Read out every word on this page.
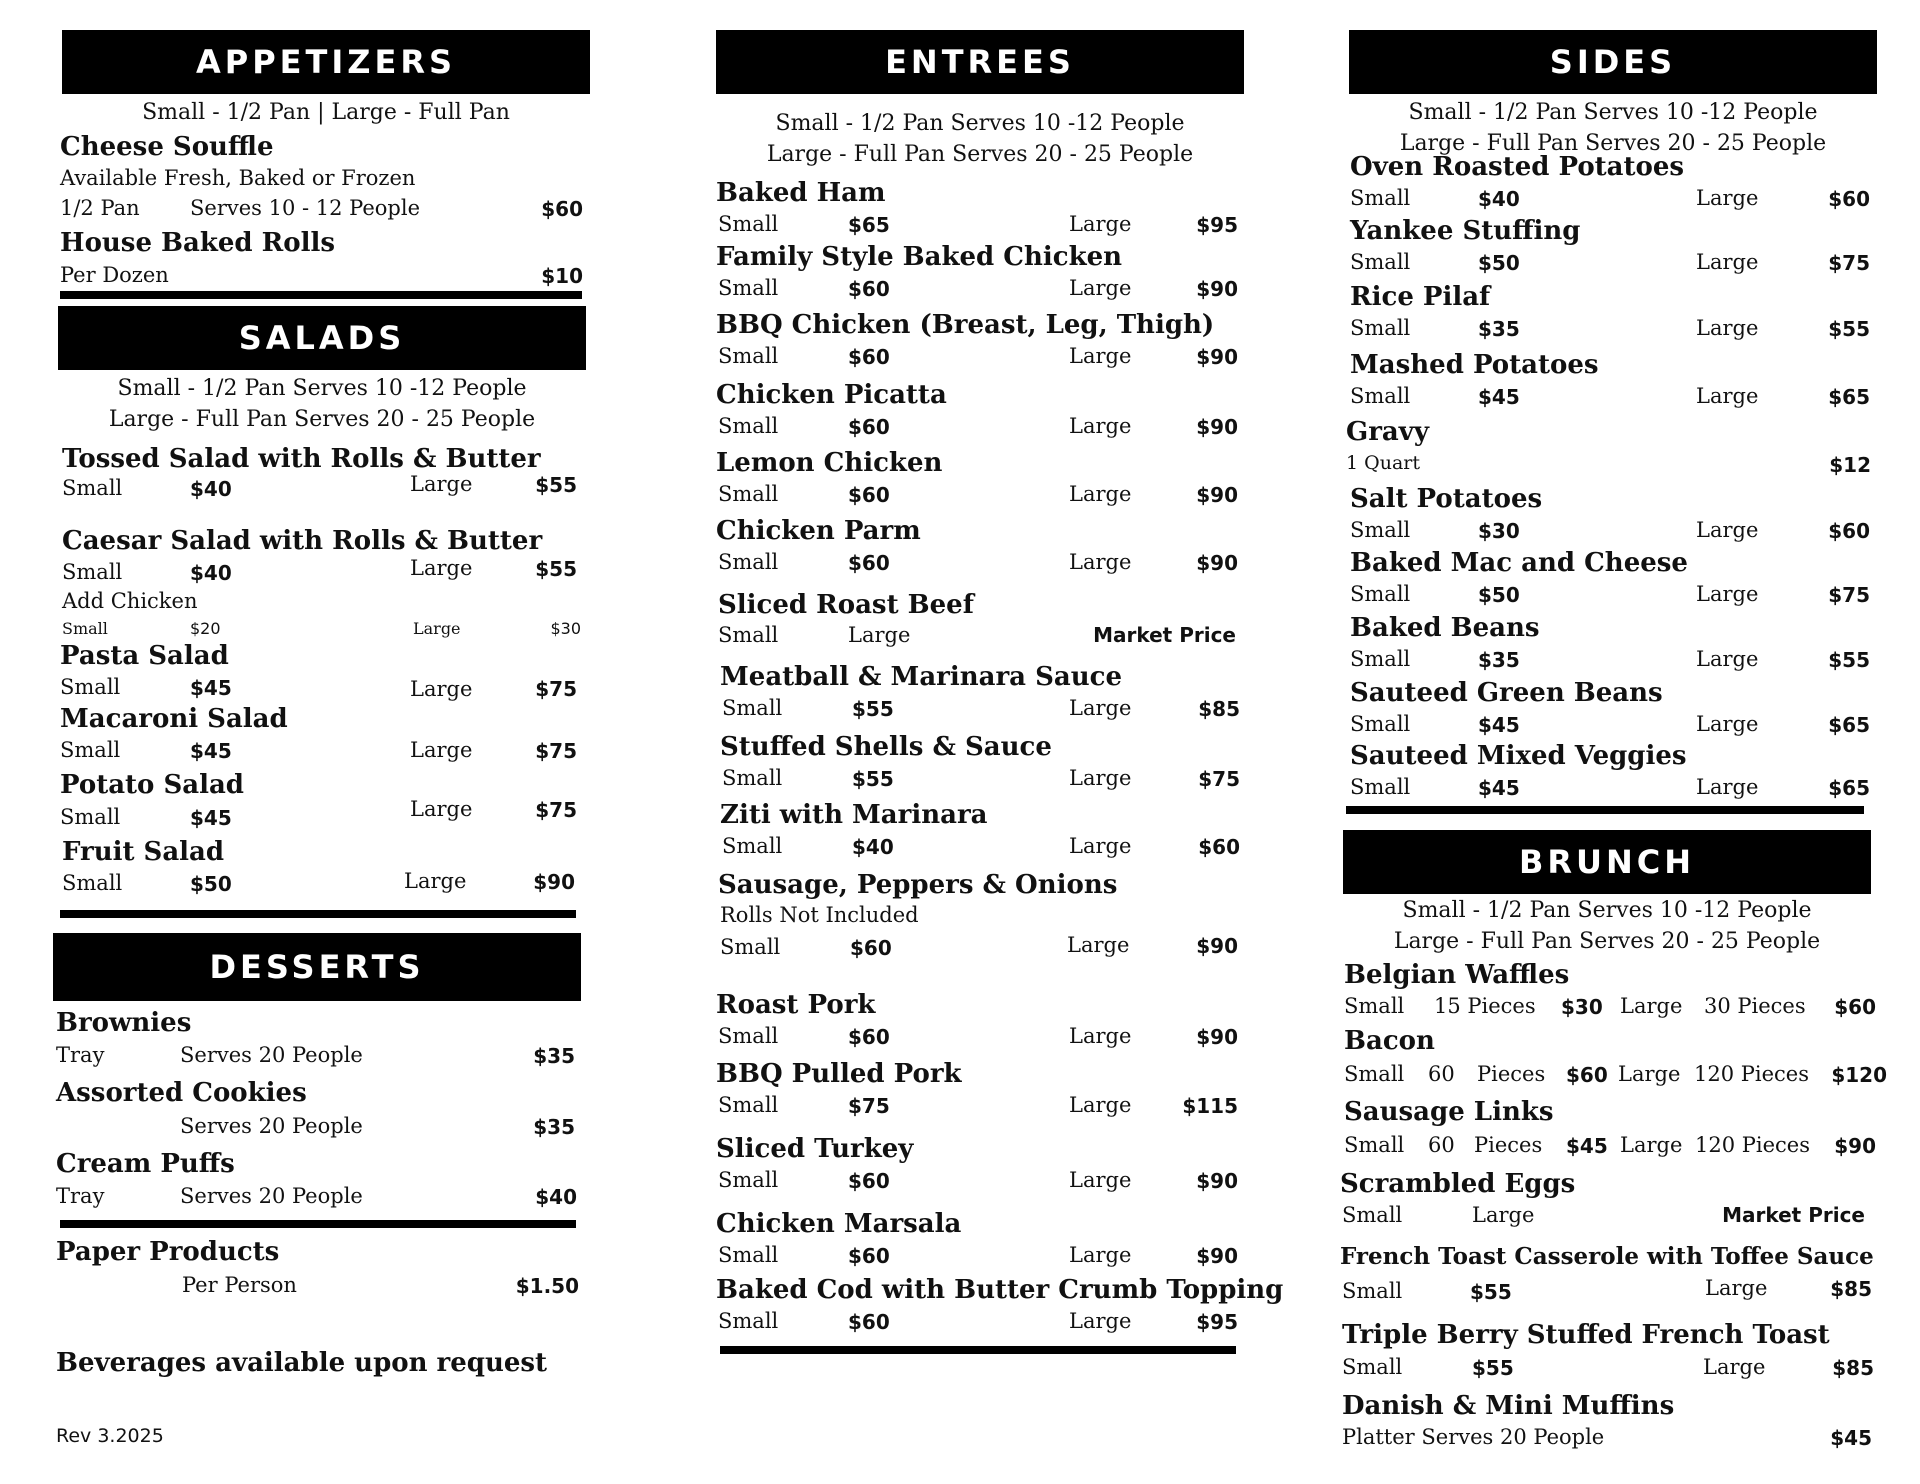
APPETIZERS
Small - 1/2 Pan | Large - Full Pan
Cheese Souffle
Available Fresh, Baked or Frozen
1/2 Pan Serves 10 - 12 People	$60
House Baked Rolls
Per Dozen	$10
SALADS
Small - 1/2 Pan Serves 10 -12 People
Large - Full Pan Serves 20 - 25 People
Tossed Salad with Rolls & Butter
Small	$40	Large	$55
Caesar Salad with Rolls & Butter
Small	$40	Large	$55
Add Chicken
Small	$20	Large	$30
Pasta Salad
Small	$45	Large	$75
Macaroni Salad
Small	$45	Large	$75
Potato Salad
Small	$45	Large	$75
Fruit Salad
Small	$50	Large	$90
DESSERTS
Brownies
Tray	Serves 20 People	$35
Assorted Cookies
Serves 20 People	$35
Cream Puffs
Tray	Serves 20 People	$40
Paper Products
Per Person	$1.50
Beverages available upon request
Rev 3.2025
ENTREES
Small - 1/2 Pan Serves 10 -12 People
Large - Full Pan Serves 20 - 25 People
Baked Ham
Small	$65	Large	$95
Family Style Baked Chicken
Small	$60	Large	$90
BBQ Chicken (Breast, Leg, Thigh)
Small	$60	Large	$90
Chicken Picatta
Small	$60	Large	$90
Lemon Chicken
Small	$60	Large	$90
Chicken Parm
Small	$60	Large	$90
Roast Pork
Small	$60	Large	$90
BBQ Pulled Pork
Small	$75	Large	$115
Sliced Turkey
Small	$60	Large	$90
Chicken Marsala
Small	$60	Large	$90
Baked Cod with Butter Crumb Topping
Small	$60	Large	$95
Meatball & Marinara Sauce
Small	$55	Large	$85
Stuffed Shells & Sauce
Small	$55	Large	$75
Ziti with Marinara
Small	$40	Large	$60
Sliced Roast Beef
Small	Large	Market Price
Sausage, Peppers & Onions
Rolls Not Included
Small	$60	Large	$90
SIDES
Small - 1/2 Pan Serves 10 -12 People
Large - Full Pan Serves 20 - 25 People
Oven Roasted Potatoes
Small	$40	Large	$60
Yankee Stuffing
Small	$50	Large	$75
Rice Pilaf
Small	$35	Large	$55
Mashed Potatoes
Small	$45	Large	$65
Salt Potatoes
Small	$30	Large	$60
Baked Mac and Cheese
Small	$50	Large	$75
Baked Beans
Small	$35	Large	$55
Sauteed Green Beans
Small	$45	Large	$65
Sauteed Mixed Veggies
Small	$45	Large	$65
Gravy
1 Quart	$12
BRUNCH
Small - 1/2 Pan Serves 10 -12 People
Large - Full Pan Serves 20 - 25 People
Belgian Waffles
Small 15 Pieces $30 Large 30 Pieces $60
Bacon
Small 60 Pieces $60 Large 120 Pieces $120
Sausage Links
Small 60 Pieces $45 Large 120 Pieces $90
Scrambled Eggs
Small	Large	Market Price
French Toast Casserole with Toffee Sauce
Small	$55	Large	$85
Triple Berry Stuffed French Toast
Small	$55	Large	$85
Danish & Mini Muffins
Platter Serves 20 People	$45
